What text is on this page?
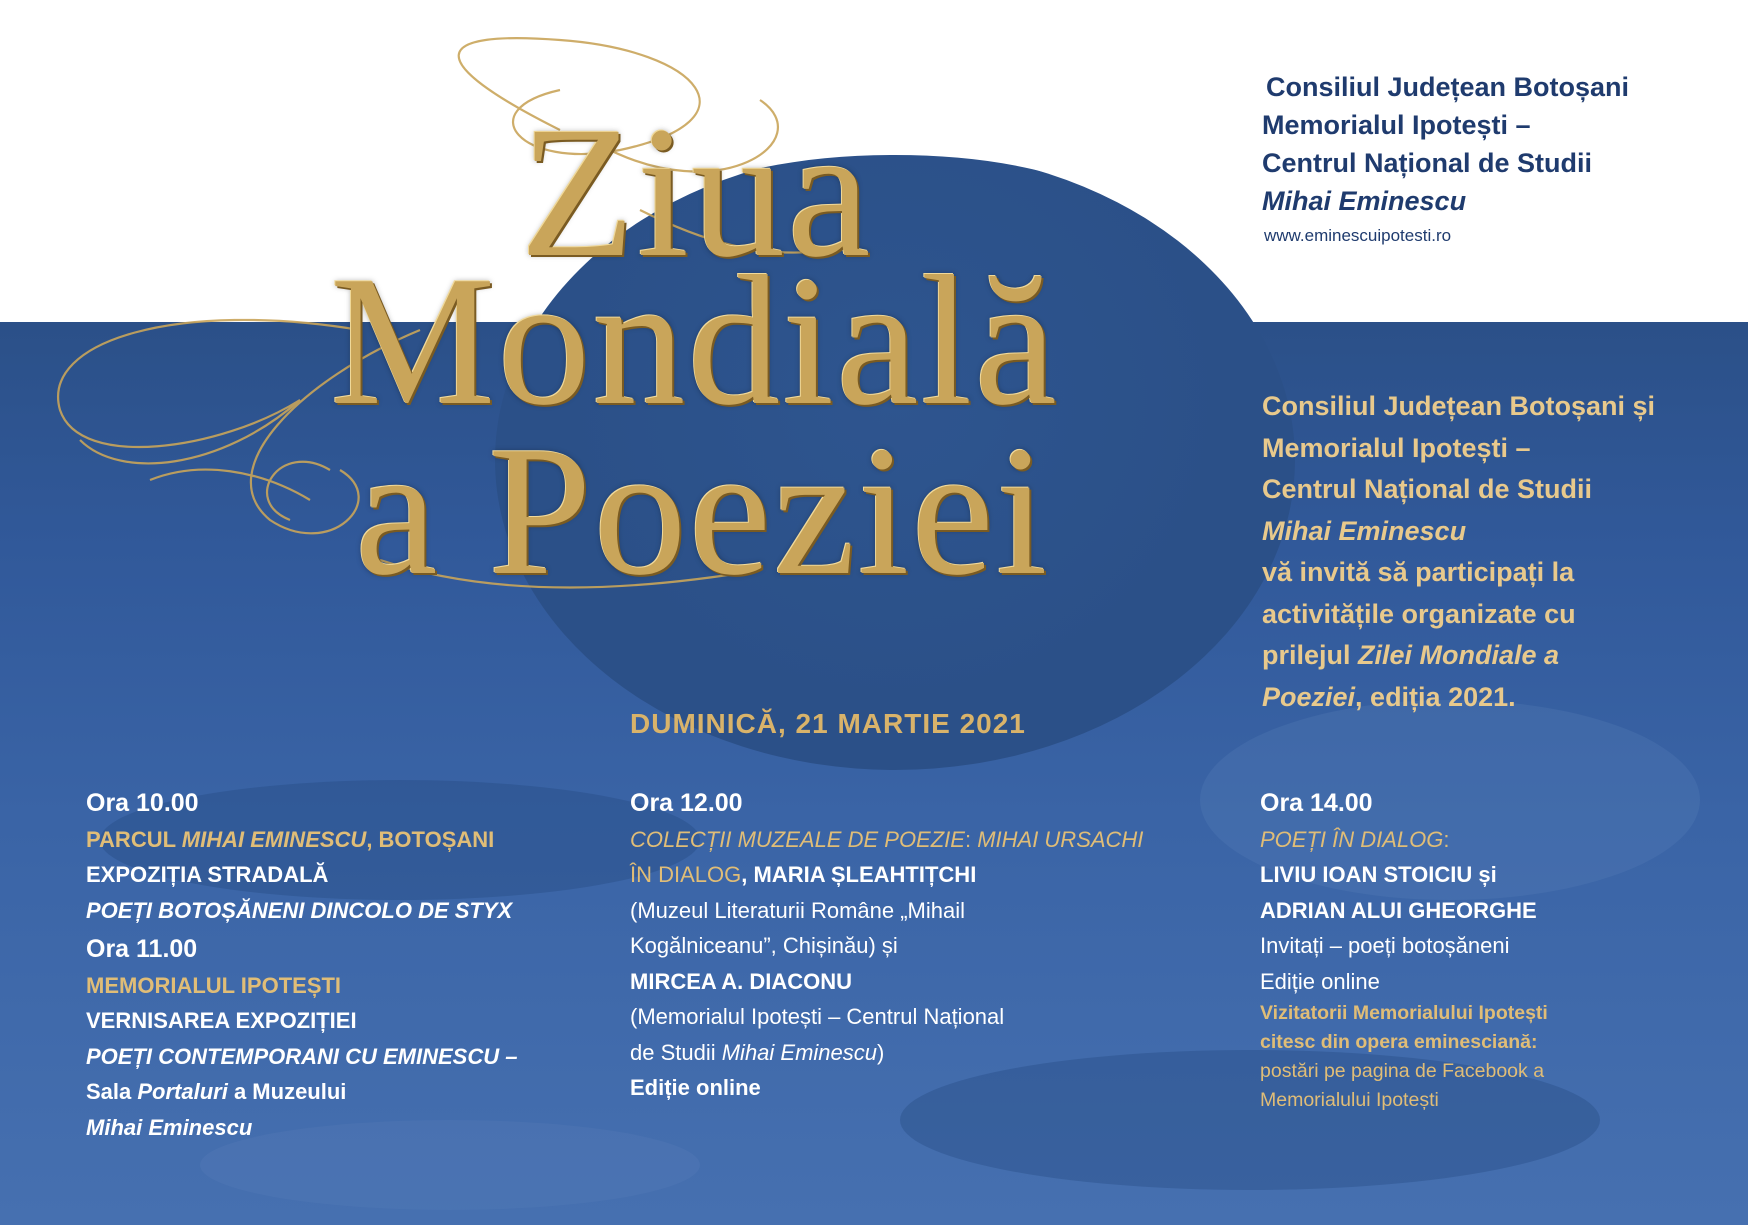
Ziua
Mondială
a Poeziei
Consiliul Județean Botoșani
Memorialul Ipotești –
Centrul Național de Studii
Mihai Eminescu
www.eminescuipotesti.ro
Consiliul Județean Botoșani și
Memorialul Ipotești –
Centrul Național de Studii
Mihai Eminescu
vă invită să participați la
activitățile organizate cu
prilejul Zilei Mondiale a
Poeziei, ediția 2021.
DUMINICĂ, 21 MARTIE 2021
Ora 10.00
PARCUL MIHAI EMINESCU, BOTOȘANI
EXPOZIȚIA STRADALĂ
POEȚI BOTOȘĂNENI DINCOLO DE STYX
Ora 11.00
MEMORIALUL IPOTEȘTI
VERNISAREA EXPOZIȚIEI
POEȚI CONTEMPORANI CU EMINESCU –
Sala Portaluri a Muzeului
Mihai Eminescu
Ora 12.00
COLECȚII MUZEALE DE POEZIE: MIHAI URSACHI
ÎN DIALOG, MARIA ȘLEAHTIȚCHI
(Muzeul Literaturii Române „Mihail
Kogălniceanu”, Chișinău) și
MIRCEA A. DIACONU
(Memorialul Ipotești – Centrul Național
de Studii Mihai Eminescu)
Ediție online
Ora 14.00
POEȚI ÎN DIALOG:
LIVIU IOAN STOICIU și
ADRIAN ALUI GHEORGHE
Invitați – poeți botoșăneni
Ediție online
Vizitatorii Memorialului Ipotești
citesc din opera eminesciană:
postări pe pagina de Facebook a
Memorialului Ipotești
